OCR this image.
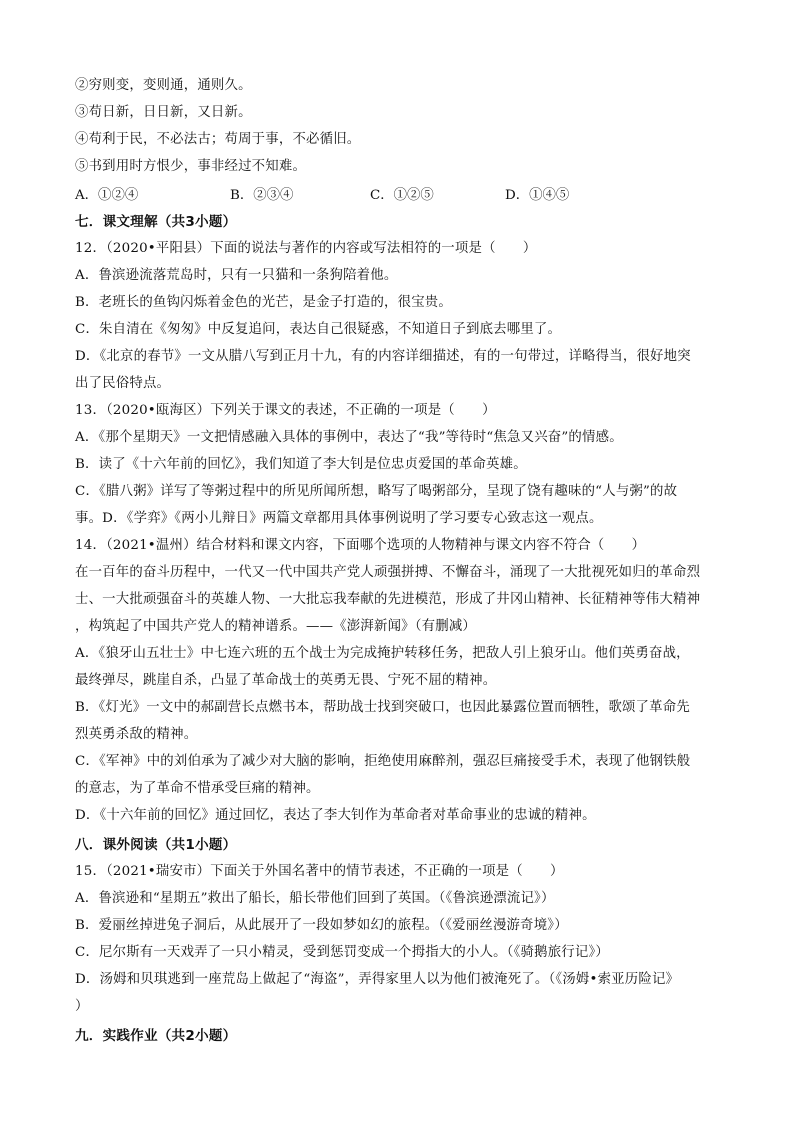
②穷则变，变则通，通则久。
③苟日新，日日新，又日新。
④苟利于民，不必法古；苟周于事，不必循旧。
⑤书到用时方恨少，事非经过不知难。
A．①②④	B．②③④	C．①②⑤	D．①④⑤
七．课文理解（共3小题）
12．（2020•平阳县）下面的说法与著作的内容或写法相符的一项是（　　）
A．鲁滨逊流落荒岛时，只有一只猫和一条狗陪着他。
B．老班长的鱼钩闪烁着金色的光芒，是金子打造的，很宝贵。
C．朱自清在《匆匆》中反复追问，表达自己很疑惑，不知道日子到底去哪里了。
D．《北京的春节》一文从腊八写到正月十九，有的内容详细描述，有的一句带过，详略得当，很好地突
出了民俗特点。
13．（2020•瓯海区）下列关于课文的表述，不正确的一项是（　　）
A．《那个星期天》一文把情感融入具体的事例中，表达了“我”等待时“焦急又兴奋”的情感。
B．读了《十六年前的回忆》，我们知道了李大钊是位忠贞爱国的革命英雄。
C．《腊八粥》详写了等粥过程中的所见所闻所想，略写了喝粥部分，呈现了饶有趣味的“人与粥”的故
事。D．《学弈》《两小儿辩日》两篇文章都用具体事例说明了学习要专心致志这一观点。
14．（2021•温州）结合材料和课文内容，下面哪个选项的人物精神与课文内容不符合（　　）
在一百年的奋斗历程中，一代又一代中国共产党人顽强拼搏、不懈奋斗，涌现了一大批视死如归的革命烈
士、一大批顽强奋斗的英雄人物、一大批忘我奉献的先进模范，形成了井冈山精神、长征精神等伟大精神
，构筑起了中国共产党人的精神谱系。——《澎湃新闻》（有删减）
A．《狼牙山五壮士》中七连六班的五个战士为完成掩护转移任务，把敌人引上狼牙山。他们英勇奋战，
最终弹尽，跳崖自杀，凸显了革命战士的英勇无畏、宁死不屈的精神。
B．《灯光》一文中的郝副营长点燃书本，帮助战士找到突破口，也因此暴露位置而牺牲，歌颂了革命先
烈英勇杀敌的精神。
C．《军神》中的刘伯承为了减少对大脑的影响，拒绝使用麻醉剂，强忍巨痛接受手术，表现了他钢铁般
的意志，为了革命不惜承受巨痛的精神。
D．《十六年前的回忆》通过回忆，表达了李大钊作为革命者对革命事业的忠诚的精神。
八．课外阅读（共1小题）
15．（2021•瑞安市）下面关于外国名著中的情节表述，不正确的一项是（　　）
A．鲁滨逊和“星期五”救出了船长，船长带他们回到了英国。（《鲁滨逊漂流记》）
B．爱丽丝掉进兔子洞后，从此展开了一段如梦如幻的旅程。（《爱丽丝漫游奇境》）
C．尼尔斯有一天戏弄了一只小精灵，受到惩罚变成一个拇指大的小人。（《骑鹅旅行记》）
D．汤姆和贝琪逃到一座荒岛上做起了“海盗”，弄得家里人以为他们被淹死了。（《汤姆•索亚历险记》
）
九．实践作业（共2小题）
